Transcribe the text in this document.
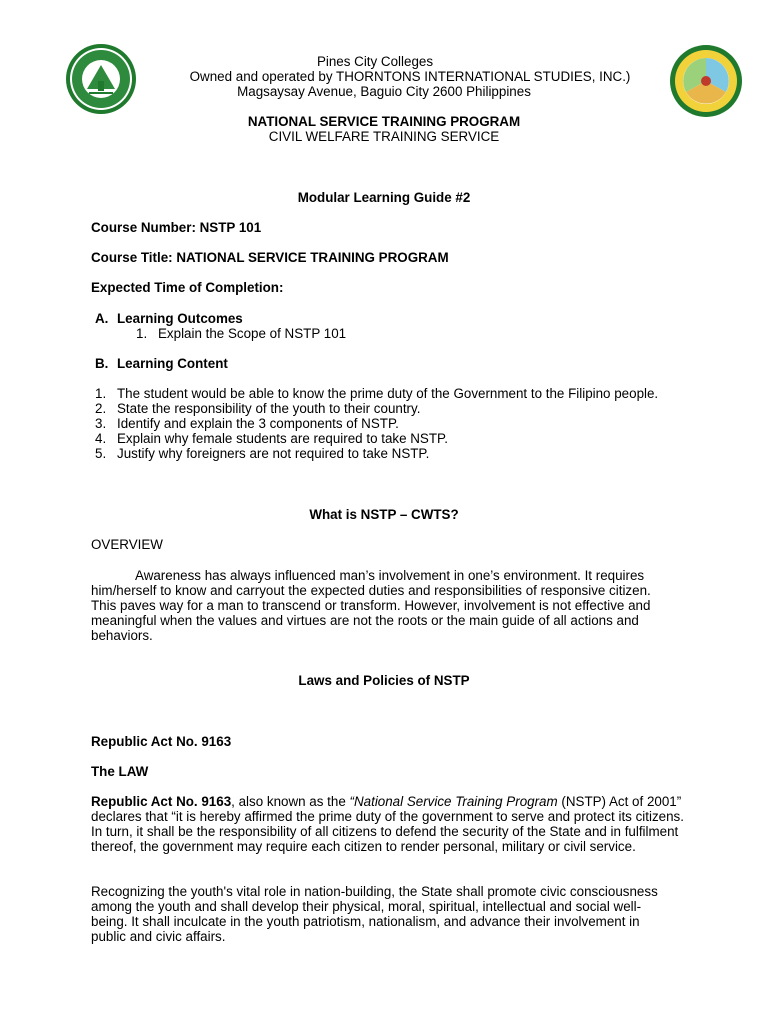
Pines City Colleges
Owned and operated by THORNTONS INTERNATIONAL STUDIES, INC.)
Magsaysay Avenue, Baguio City 2600 Philippines
NATIONAL SERVICE TRAINING PROGRAM
CIVIL WELFARE TRAINING SERVICE
Modular Learning Guide #2
Course Number: NSTP 101
Course Title: NATIONAL SERVICE TRAINING PROGRAM
Expected Time of Completion:
A. Learning Outcomes
1. Explain the Scope of NSTP 101
B. Learning Content
1. The student would be able to know the prime duty of the Government to the Filipino people.
2. State the responsibility of the youth to their country.
3. Identify and explain the 3 components of NSTP.
4. Explain why female students are required to take NSTP.
5. Justify why foreigners are not required to take NSTP.
What is NSTP – CWTS?
OVERVIEW

Awareness has always influenced man’s involvement in one’s environment. It requires him/herself to know and carryout the expected duties and responsibilities of responsive citizen. This paves way for a man to transcend or transform. However, involvement is not effective and meaningful when the values and virtues are not the roots or the main guide of all actions and behaviors.

Laws and Policies of NSTP
Republic Act No. 9163
The LAW

Republic Act No. 9163, also known as the “National Service Training Program (NSTP) Act of 2001” declares that “it is hereby affirmed the prime duty of the government to serve and protect its citizens. In turn, it shall be the responsibility of all citizens to defend the security of the State and in fulfilment thereof, the government may require each citizen to render personal, military or civil service.

Recognizing the youth's vital role in nation-building, the State shall promote civic consciousness among the youth and shall develop their physical, moral, spiritual, intellectual and social well-being. It shall inculcate in the youth patriotism, nationalism, and advance their involvement in public and civic affairs.
